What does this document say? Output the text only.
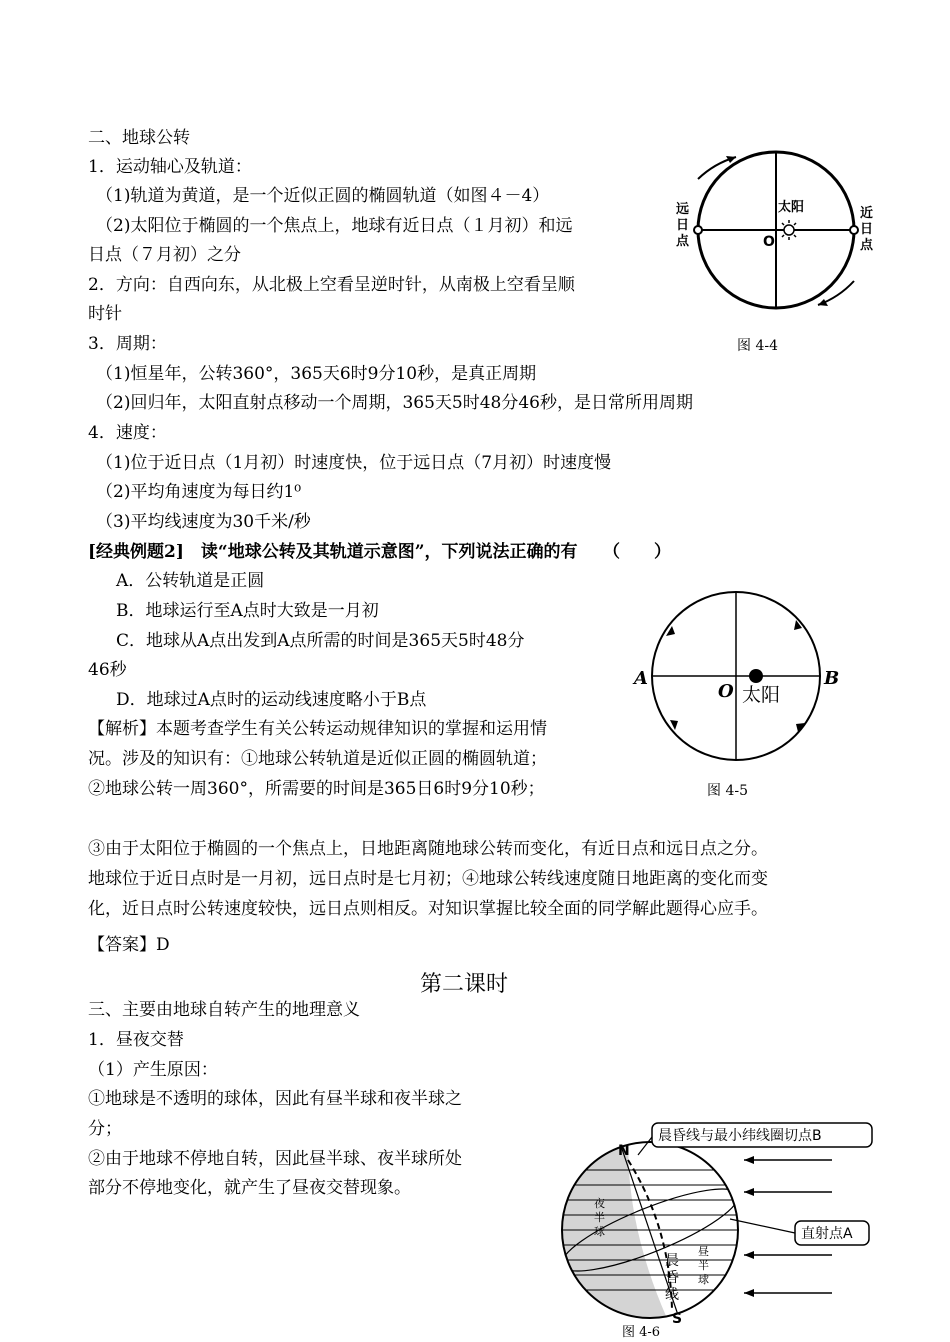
二、地球公转
1．运动轴心及轨道：
（1)轨道为黄道，是一个近似正圆的椭圆轨道（如图４－4）
（2)太阳位于椭圆的一个焦点上，地球有近日点（１月初）和远
日点（７月初）之分
2．方向：自西向东，从北极上空看呈逆时针，从南极上空看呈顺
时针
3．周期：
（1)恒星年，公转360°，365天6时9分10秒，是真正周期
（2)回归年，太阳直射点移动一个周期，365天5时48分46秒，是日常所用周期
4．速度：
（1)位于近日点（1月初）时速度快，位于远日点（7月初）时速度慢
（2)平均角速度为每日约1⁰
（3)平均线速度为30千米/秒
[经典例题2]　读“地球公转及其轨道示意图”，下列说法正确的有　　（　　）
A．公转轨道是正圆
B．地球运行至A点时大致是一月初
C．地球从A点出发到A点所需的时间是365天5时48分
46秒
D．地球过A点时的运动线速度略小于B点
【解析】本题考查学生有关公转运动规律知识的掌握和运用情
况。涉及的知识有：①地球公转轨道是近似正圆的椭圆轨道；
②地球公转一周360°，所需要的时间是365日6时9分10秒；
③由于太阳位于椭圆的一个焦点上，日地距离随地球公转而变化，有近日点和远日点之分。
地球位于近日点时是一月初，远日点时是七月初；④地球公转线速度随日地距离的变化而变
化，近日点时公转速度较快，远日点则相反。对知识掌握比较全面的同学解此题得心应手。
【答案】D
第二课时
三、主要由地球自转产生的地理意义
1．昼夜交替
（1）产生原因：
①地球是不透明的球体，因此有昼半球和夜半球之
分；
②由于地球不停地自转，因此昼半球、夜半球所处
部分不停地变化，就产生了昼夜交替现象。
太阳
O
远
日
点
近
日
点
图 4-4
A	B
O 太阳
图 4-5
晨昏线与最小纬线圈切点B
直射点A
N
S
夜
半
球
昼
半
球
晨
昏
线
图 4-6
